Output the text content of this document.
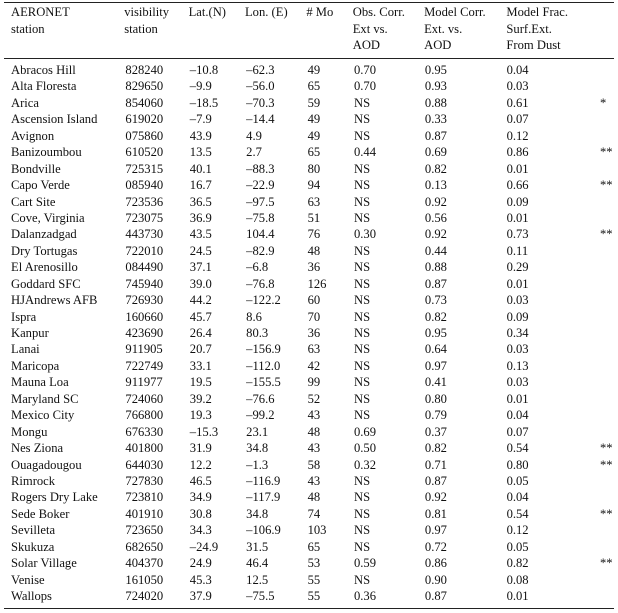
AERONET
station

visibility
station

Lat.(N)	Lon. (E)	# Mo	Obs. Corr.
Ext vs.
AOD

Model Corr.
Ext. vs.
AOD

Model Frac.
Surf.Ext.
From Dust

Abracos Hill	828240	–10.8	–62.3	49	0.70	0.95	0.04	
Alta Floresta	829650	–9.9	–56.0	65	0.70	0.93	0.03	
Arica	854060	–18.5	–70.3	59	NS	0.88	0.61	*
Ascension Island	619020	–7.9	–14.4	49	NS	0.33	0.07	
Avignon	075860	43.9	4.9	49	NS	0.87	0.12	
Banizoumbou	610520	13.5	2.7	65	0.44	0.69	0.86	**
Bondville	725315	40.1	–88.3	80	NS	0.82	0.01	
Capo Verde	085940	16.7	–22.9	94	NS	0.13	0.66	**
Cart Site	723536	36.5	–97.5	63	NS	0.92	0.09	
Cove, Virginia	723075	36.9	–75.8	51	NS	0.56	0.01	
Dalanzadgad	443730	43.5	104.4	76	0.30	0.92	0.73	**
Dry Tortugas	722010	24.5	–82.9	48	NS	0.44	0.11	
El Arenosillo	084490	37.1	–6.8	36	NS	0.88	0.29	
Goddard SFC	745940	39.0	–76.8	126	NS	0.87	0.01	
HJAndrews AFB	726930	44.2	–122.2	60	NS	0.73	0.03	
Ispra	160660	45.7	8.6	70	NS	0.82	0.09	
Kanpur	423690	26.4	80.3	36	NS	0.95	0.34	
Lanai	911905	20.7	–156.9	63	NS	0.64	0.03	
Maricopa	722749	33.1	–112.0	42	NS	0.97	0.13	
Mauna Loa	911977	19.5	–155.5	99	NS	0.41	0.03	
Maryland SC	724060	39.2	–76.6	52	NS	0.80	0.01	
Mexico City	766800	19.3	–99.2	43	NS	0.79	0.04	
Mongu	676330	–15.3	23.1	48	0.69	0.37	0.07	
Nes Ziona	401800	31.9	34.8	43	0.50	0.82	0.54	**
Ouagadougou	644030	12.2	–1.3	58	0.32	0.71	0.80	**
Rimrock	727830	46.5	–116.9	43	NS	0.87	0.05	
Rogers Dry Lake	723810	34.9	–117.9	48	NS	0.92	0.04	
Sede Boker	401910	30.8	34.8	74	NS	0.81	0.54	**
Sevilleta	723650	34.3	–106.9	103	NS	0.97	0.12	
Skukuza	682650	–24.9	31.5	65	NS	0.72	0.05	
Solar Village	404370	24.9	46.4	53	0.59	0.86	0.82	**
Venise	161050	45.3	12.5	55	NS	0.90	0.08	
Wallops	724020	37.9	–75.5	55	0.36	0.87	0.01	
